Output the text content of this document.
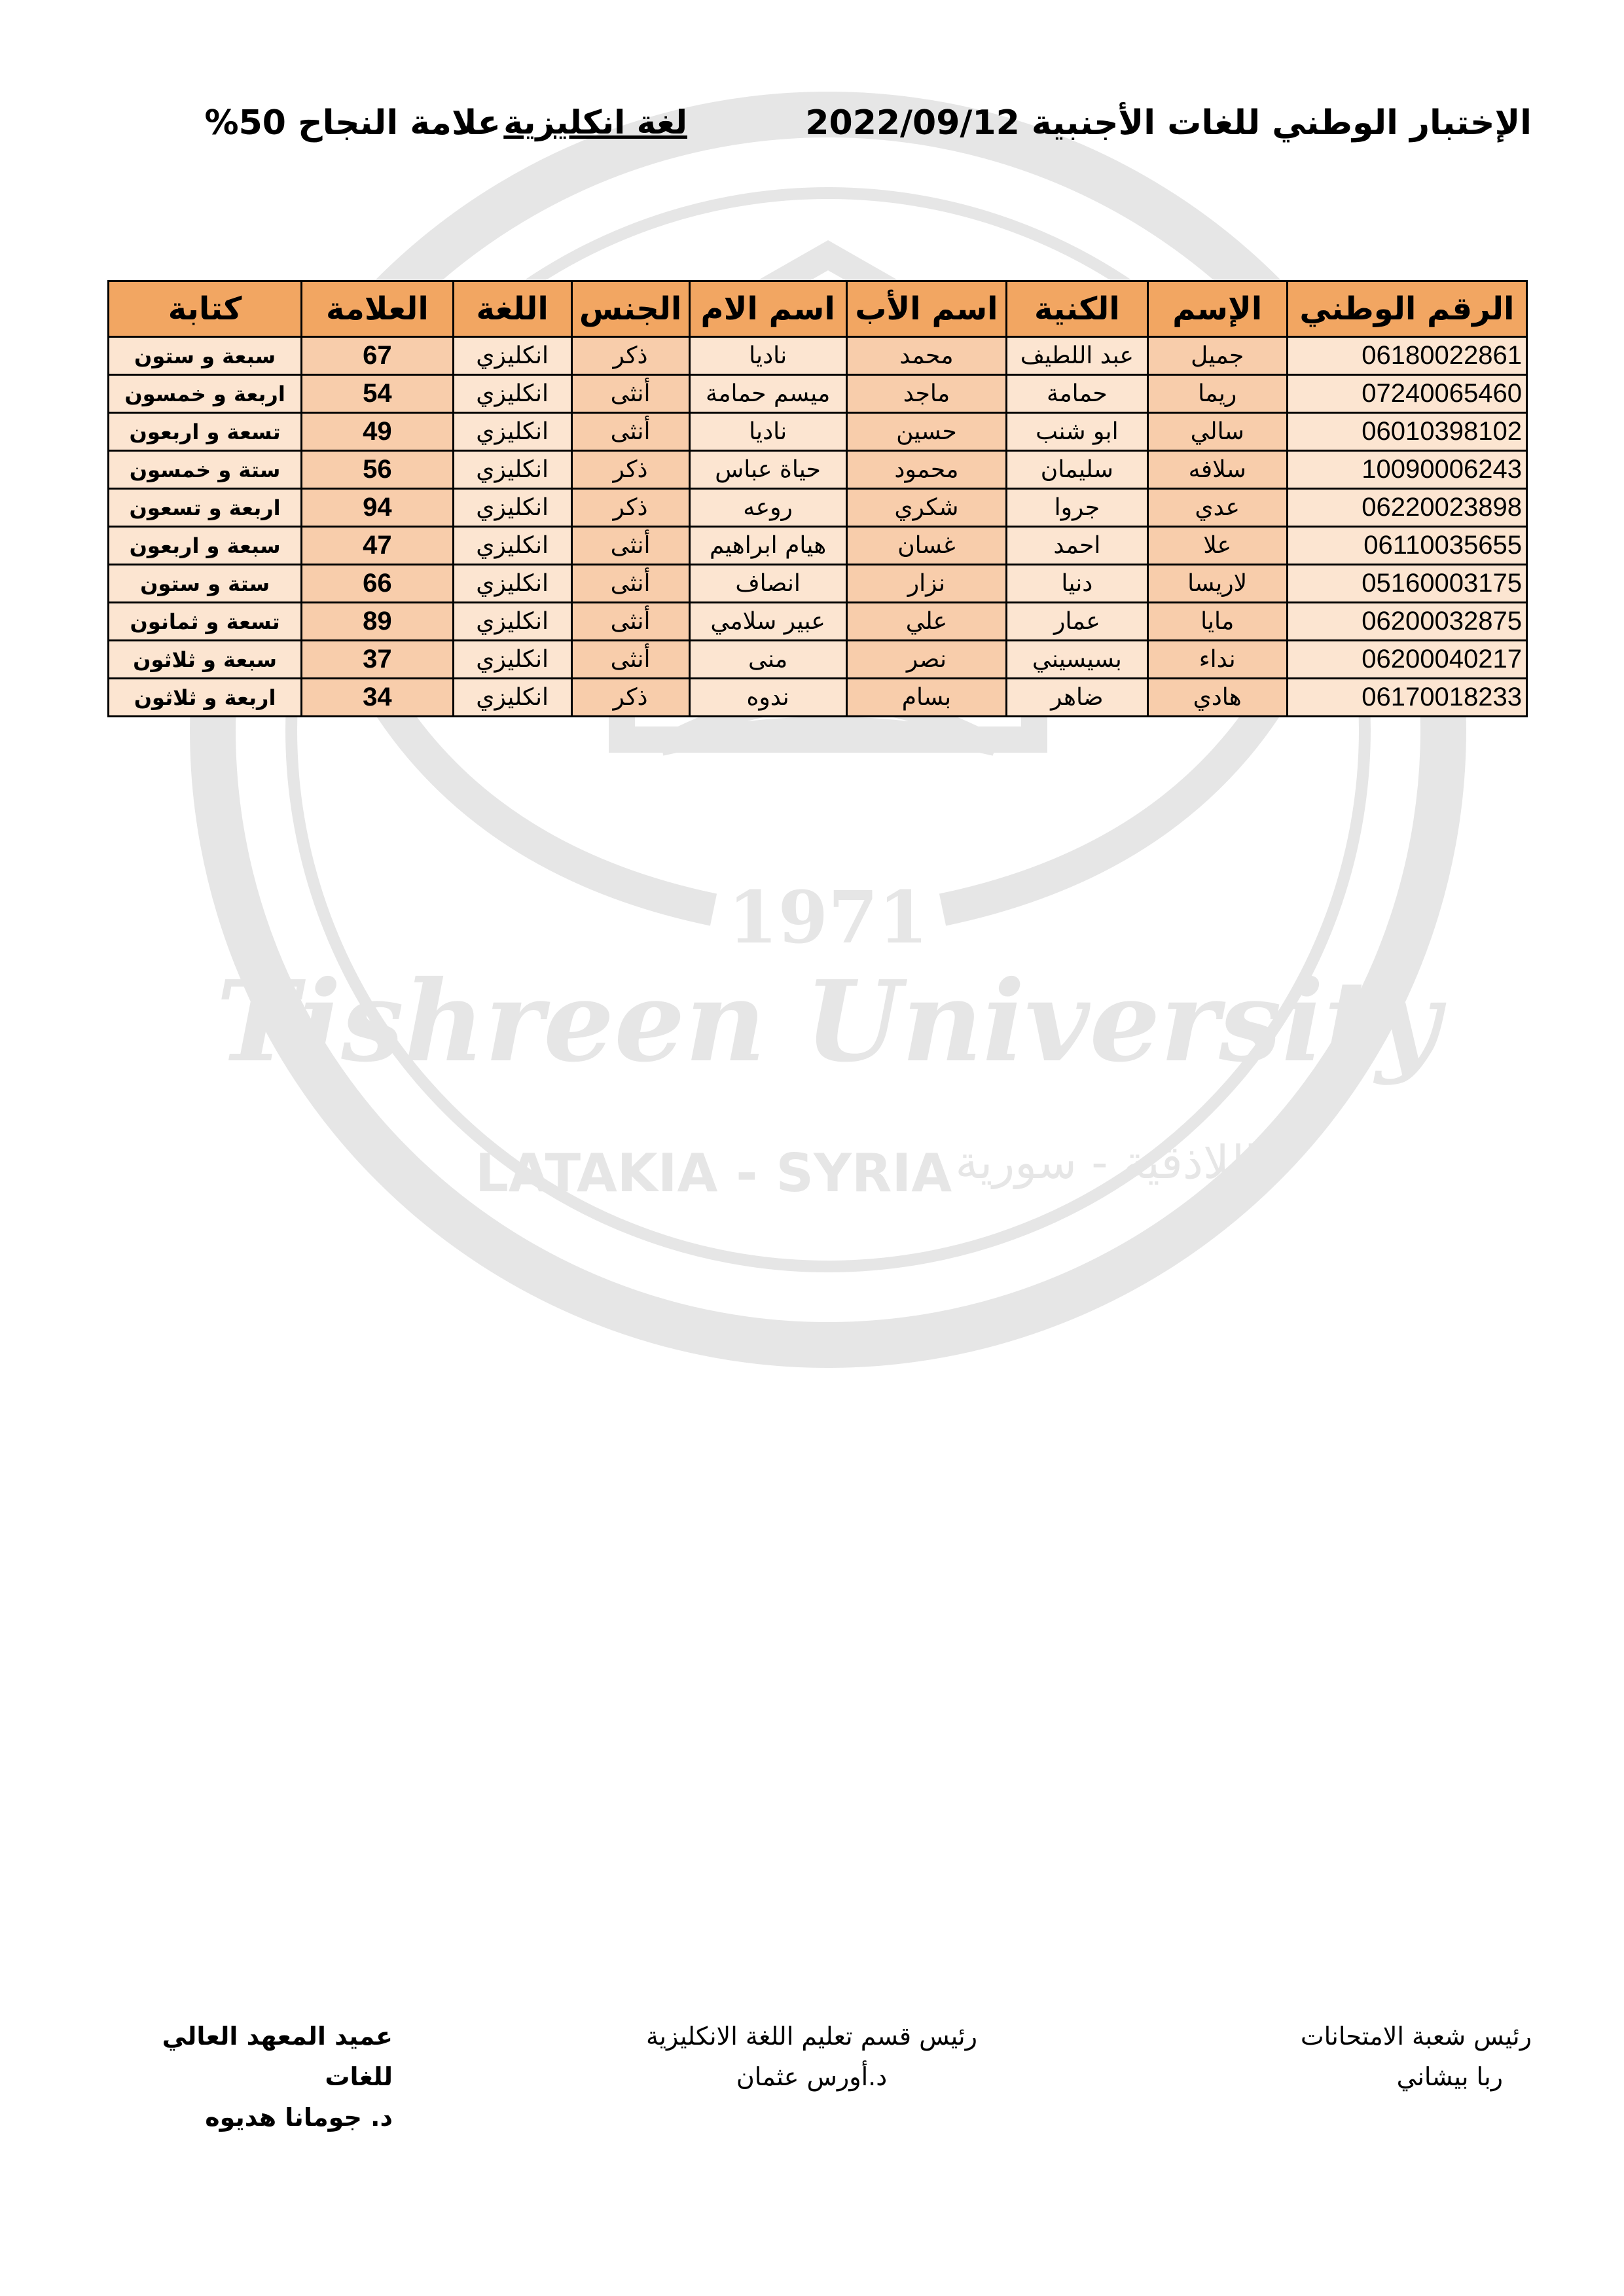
1971
Tishreen University
LATAKIA - SYRIA اللاذقية - سورية
الإختبار الوطني للغات الأجنبية 2022/09/12
لغة انكليزية
علامة النجاح 50%
الرقم الوطني	الإسم	الكنية	اسم الأب	اسم الام	الجنس	اللغة	العلامة	كتابة
06180022861	جميل	عبد اللطيف	محمد	ناديا	ذكر	انكليزي	67	سبعة و ستون
07240065460	ريما	حمامة	ماجد	ميسم حمامة	أنثى	انكليزي	54	اربعة و خمسون
06010398102	سالي	ابو شنب	حسين	ناديا	أنثى	انكليزي	49	تسعة و اربعون
10090006243	سلافه	سليمان	محمود	حياة عباس	ذكر	انكليزي	56	ستة و خمسون
06220023898	عدي	جروا	شكري	روعه	ذكر	انكليزي	94	اربعة و تسعون
06110035655	علا	احمد	غسان	هيام ابراهيم	أنثى	انكليزي	47	سبعة و اربعون
05160003175	لاريسا	دنيا	نزار	انصاف	أنثى	انكليزي	66	ستة و ستون
06200032875	مايا	عمار	علي	عبير سلامي	أنثى	انكليزي	89	تسعة و ثمانون
06200040217	نداء	بسيسيني	نصر	منى	أنثى	انكليزي	37	سبعة و ثلاثون
06170018233	هادي	ضاهر	بسام	ندوه	ذكر	انكليزي	34	اربعة و ثلاثون
رئيس شعبة الامتحانات
ربا بيشاني
رئيس قسم تعليم اللغة الانكليزية
د.أورس عثمان
عميد المعهد العالي للغات
د. جومانا هديوه
